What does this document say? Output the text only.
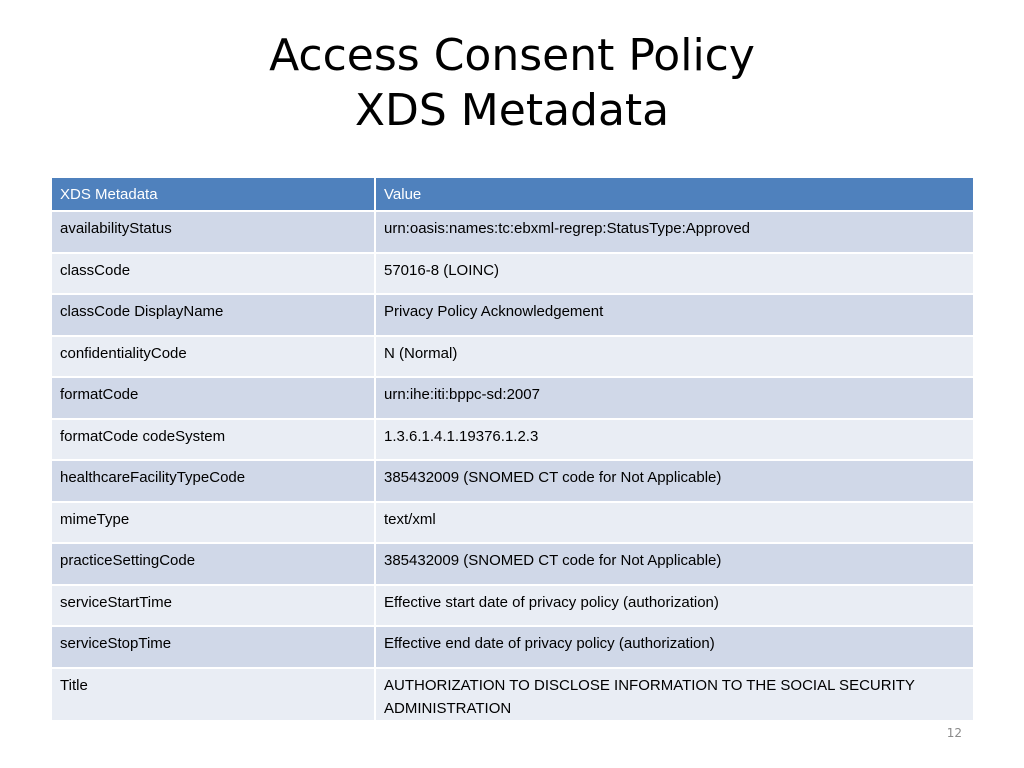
Access Consent Policy
XDS Metadata
XDS Metadata	Value
availabilityStatus	urn:oasis:names:tc:ebxml-regrep:StatusType:Approved
classCode	57016-8 (LOINC)
classCode DisplayName	Privacy Policy Acknowledgement
confidentialityCode	N (Normal)
formatCode	urn:ihe:iti:bppc-sd:2007
formatCode codeSystem	1.3.6.1.4.1.19376.1.2.3
healthcareFacilityTypeCode	385432009 (SNOMED CT code for Not Applicable)
mimeType	text/xml
practiceSettingCode	385432009 (SNOMED CT code for Not Applicable)
serviceStartTime	Effective start date of privacy policy (authorization)
serviceStopTime	Effective end date of privacy policy (authorization)
Title	AUTHORIZATION TO DISCLOSE INFORMATION TO THE SOCIAL SECURITY ADMINISTRATION
12
